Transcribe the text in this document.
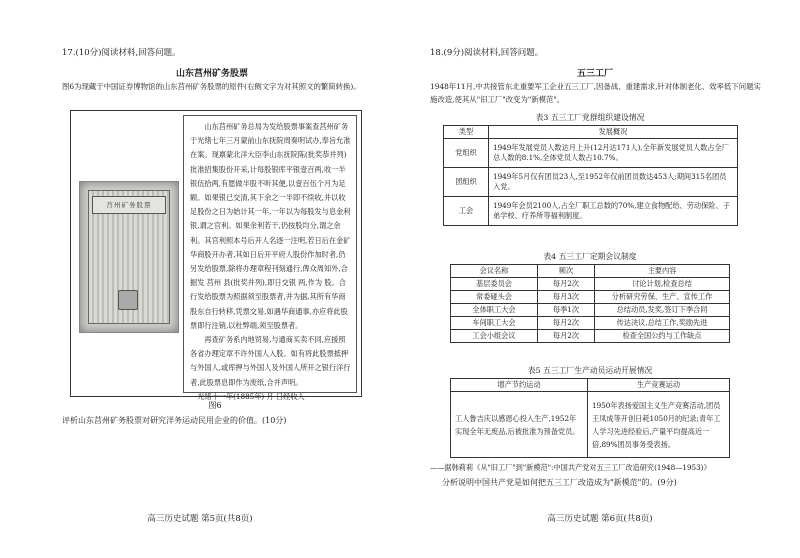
17.(10分)阅读材料,回答问题。
山东莒州矿务股票
图6为现藏于中国证券博物馆的山东莒州矿务股票的原件(右侧文字为对其照文的繁简转换)。
莒州矿务股票

山东莒州矿务总局为发给股票事案查莒州矿务于光绪七年三月蒙前山东抚院周奏明试办,奉旨允准在案。现禀蒙北洋大臣李山东抚院陈(批奖恭并列)批准招集股份开采,计每股银库平银壹百两,收一半银伍拾两,有愿做半股不听其便,以壹百伍个月为足额。如果银已交清,其下余之一半即不续收,并以收足股份之日为始计其一年,一年以为每股发与息金利银,谓之官利。如果余利若干,仍按股均分,谓之余利。其官利照本号后开人名逐一注明,若日后在金矿华商股开办者,其如日后开平府人股份作加时者,仍另发给股票,除将办理章程刊刻通行,俾众周知外,合掘发 莒州 县(批奖并列),即日交银 两,作为 股。合行发给股票为照据须至股票者,并为据,其所有华商股东自行转移,凭票交易,如遇华商通事,亦应将此股票即行注销,以杜弊端,须至股票者。

再查矿务系内地贸易,与通商买卖不同,应援照各省办理定章不许外国人入股。如有将此股票抵押与外国人,或库押与外国人及外国人所开之银行洋行者,此股票息即作为废纸,合并声明。

光绪十一年(1885年) 月 日经收人

图6
评析山东莒州矿务股票对研究洋务运动民用企业的价值。(10分)
高三历史试题 第5页(共8页)
18.(9分)阅读材料,回答问题。
五三工厂
1948年11月,中共接管东北重要军工企业五三工厂,因备战、重建需求,针对体制老化、效率低下问题实施改造,使其从"旧工厂"改变为"新模范"。
表3 五三工厂党群组织建设情况
类型	发展概况
党组织	1949年发展党员人数达月上升(12月达171人),全年新发展党员人数占全厂总人数的8.1%,全体党员人数占10.7%。
团组织	1949年5月仅有团员23人,至1952年仅前团员数达453人;期间315名团员入党。
工会	1949年会员2100人,占全厂职工总数的70%,建立食物配给、劳动保险、子弟学校、疗养所等福利制度。
表4 五三工厂定期会议制度
会议名称	频次	主要内容
基层委员会	每月2次	讨论计划,检查总结
常委碰头会	每月3次	分析研究劳保、生产、宣传工作
全体职工大会	每季1次	总结动员,发奖,签订下季合同
车间职工大会	每月2次	传达决议,总结工作,奖励先进
工会小组会议	每月2次	检查全国公约与工作缺点
表5 五三工厂生产动员运动开展情况
增产节约运动	生产竞赛运动
工人鲁吉庆以感恩心投入生产,1952年实现全年无废品,后被批准为预备党员。	1950年表扬爱国主义生产竞赛活动,团员王凤成等开创日耗1050月的纪录;青年工人学习先进经验后,产量平均提高近一倍,89%团员事务受表扬。
——据韩莉莉《从"旧工厂"到"新模范":中国共产党对五三工厂改造研究(1948—1953)》
分析说明中国共产党是如何把五三工厂改造成为"新模范"的。(9分)
高三历史试题 第6页(共8页)
